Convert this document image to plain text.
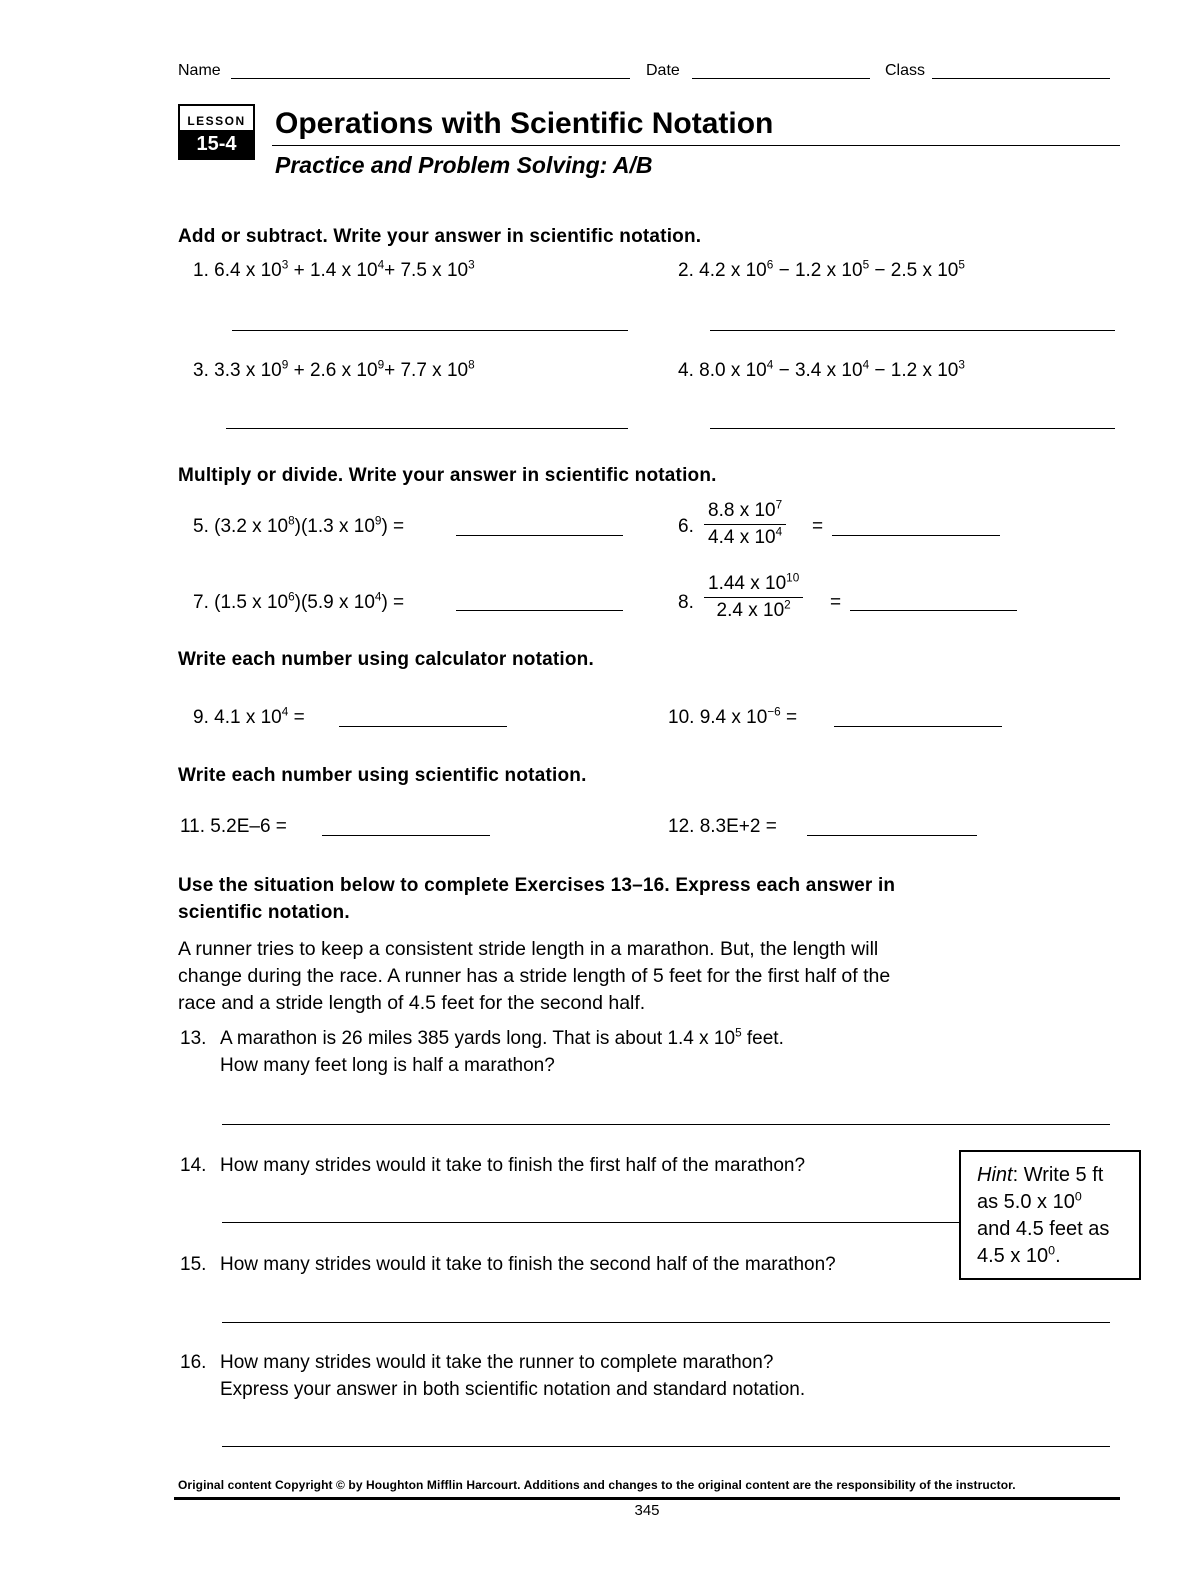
Name	Date	Class
LESSON
15-4
Operations with Scientific Notation
Practice and Problem Solving: A/B
Add or subtract. Write your answer in scientific notation.
1. 6.4 x $10^3 + 1.4$ x $10^4+ 7.5$ x $10^3$	2. 4.2 x $10^6 - 1.2$ x $10^5 - 2.5$ x $10^5$
3. 3.3 x $10^9 + 2.6$ x $10^9+ 7.7$ x $10^8$	4. 8.0 x $10^4 - 3.4$ x $10^4 - 1.2$ x $10^3$
Multiply or divide. Write your answer in scientific notation.
5. (3.2 x $10^8)(1.3$ x $10^9$) =	6. $\frac{8.8 x 10^7}{4.4 x 10^4}$ =
7. (1.5 x $10^6)(5.9$ x $10^4$) =	8. $\frac{1.44 x 10^{10}}{2.4 x 10^2}$ =
Write each number using calculator notation.
9. 4.1 x $10^4$ =	10. 9.4 x $10^{-6}$ =
Write each number using scientific notation.
11. 5.2E–6 =	12. 8.3E+2 =
Use the situation below to complete Exercises 13–16. Express each answer in scientific notation.
A runner tries to keep a consistent stride length in a marathon. But, the length will change during the race. A runner has a stride length of 5 feet for the first half of the race and a stride length of 4.5 feet for the second half.
13. A marathon is 26 miles 385 yards long. That is about 1.4 x $10^5$ feet.
How many feet long is half a marathon?
14. How many strides would it take to finish the first half of the marathon?
15. How many strides would it take to finish the second half of the marathon?
16. How many strides would it take the runner to complete marathon?
Express your answer in both scientific notation and standard notation.
Hint: Write 5 ft
as 5.0 x $10^0$
and 4.5 feet as
4.5 x $10^0$.
Original content Copyright © by Houghton Mifflin Harcourt. Additions and changes to the original content are the responsibility of the instructor.
345
